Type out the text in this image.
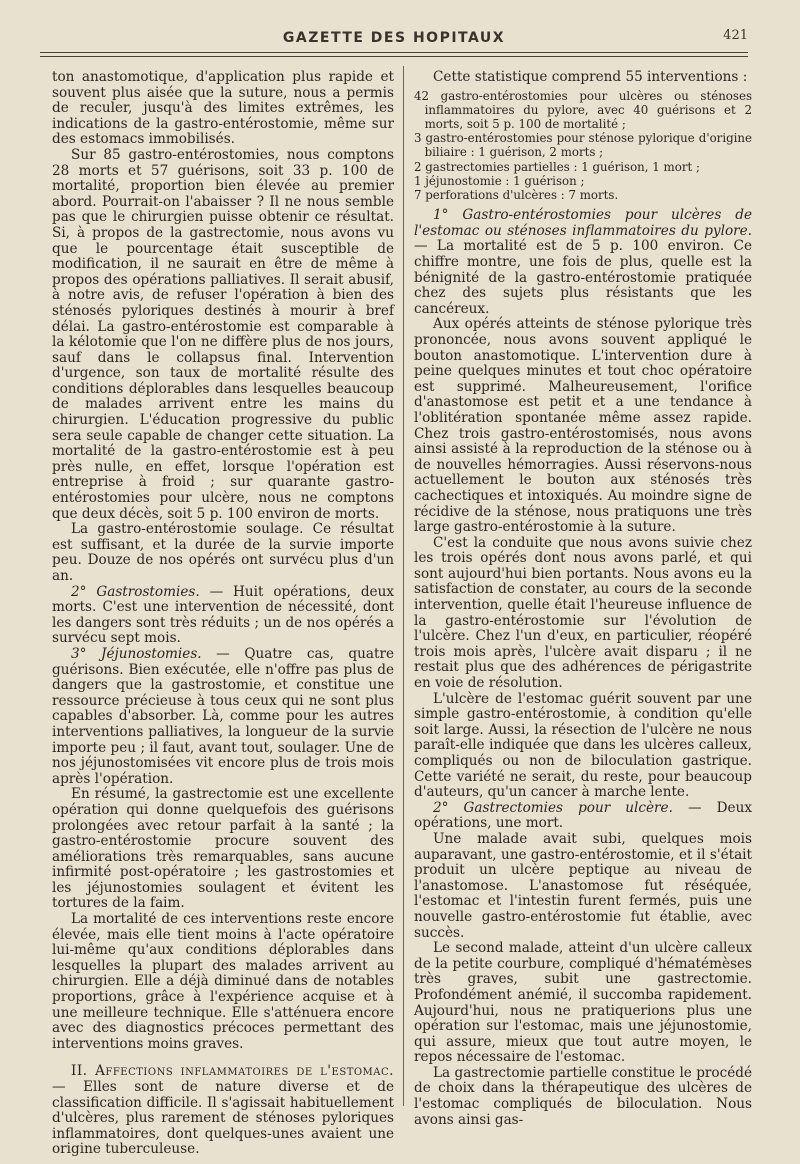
GAZETTE DES HOPITAUX	421

ton anastomotique, d'application plus rapide et souvent plus aisée que la suture, nous a permis de reculer, jusqu'à des limites extrêmes, les indications de la gastro-entérostomie, même sur des estomacs immobilisés.

Sur 85 gastro-entérostomies, nous comptons 28 morts et 57 guérisons, soit 33 p. 100 de mortalité, proportion bien élevée au premier abord. Pourrait-on l'abaisser ? Il ne nous semble pas que le chirurgien puisse obtenir ce résultat. Si, à propos de la gastrectomie, nous avons vu que le pourcentage était susceptible de modification, il ne saurait en être de même à propos des opérations palliatives. Il serait abusif, à notre avis, de refuser l'opération à bien des sténosés pyloriques destinés à mourir à bref délai. La gastro-entérostomie est comparable à la kélotomie que l'on ne diffère plus de nos jours, sauf dans le collapsus final. Intervention d'urgence, son taux de mortalité résulte des conditions déplorables dans lesquelles beaucoup de malades arrivent entre les mains du chirurgien. L'éducation progressive du public sera seule capable de changer cette situation. La mortalité de la gastro-entérostomie est à peu près nulle, en effet, lorsque l'opération est entreprise à froid ; sur quarante gastro-entérostomies pour ulcère, nous ne comptons que deux décès, soit 5 p. 100 environ de morts.

La gastro-entérostomie soulage. Ce résultat est suffisant, et la durée de la survie importe peu. Douze de nos opérés ont survécu plus d'un an.

2° Gastrostomies. — Huit opérations, deux morts. C'est une intervention de nécessité, dont les dangers sont très réduits ; un de nos opérés a survécu sept mois.

3° Jéjunostomies. — Quatre cas, quatre guérisons. Bien exécutée, elle n'offre pas plus de dangers que la gastrostomie, et constitue une ressource précieuse à tous ceux qui ne sont plus capables d'absorber. Là, comme pour les autres interventions palliatives, la longueur de la survie importe peu ; il faut, avant tout, soulager. Une de nos jéjunostomisées vit encore plus de trois mois après l'opération.

En résumé, la gastrectomie est une excellente opération qui donne quelquefois des guérisons prolongées avec retour parfait à la santé ; la gastro-entérostomie procure souvent des améliorations très remarquables, sans aucune infirmité post-opératoire ; les gastrostomies et les jéjunostomies soulagent et évitent les tortures de la faim.

La mortalité de ces interventions reste encore élevée, mais elle tient moins à l'acte opératoire lui-même qu'aux conditions déplorables dans lesquelles la plupart des malades arrivent au chirurgien. Elle a déjà diminué dans de notables proportions, grâce à l'expérience acquise et à une meilleure technique. Elle s'atténuera encore avec des diagnostics précoces permettant des interventions moins graves.

II. Affections inflammatoires de l'estomac. — Elles sont de nature diverse et de classification difficile. Il s'agissait habituellement d'ulcères, plus rarement de sténoses pyloriques inflammatoires, dont quelques-unes avaient une origine tuberculeuse.

Cette statistique comprend 55 interventions :

42 gastro-entérostomies pour ulcères ou sténoses inflammatoires du pylore, avec 40 guérisons et 2 morts, soit 5 p. 100 de mortalité ;
3 gastro-entérostomies pour sténose pylorique d'origine biliaire : 1 guérison, 2 morts ;
2 gastrectomies partielles : 1 guérison, 1 mort ;
1 jéjunostomie : 1 guérison ;
7 perforations d'ulcères : 7 morts.

1° Gastro-entérostomies pour ulcères de l'estomac ou sténoses inflammatoires du pylore. — La mortalité est de 5 p. 100 environ. Ce chiffre montre, une fois de plus, quelle est la bénignité de la gastro-entérostomie pratiquée chez des sujets plus résistants que les cancéreux.

Aux opérés atteints de sténose pylorique très prononcée, nous avons souvent appliqué le bouton anastomotique. L'intervention dure à peine quelques minutes et tout choc opératoire est supprimé. Malheureusement, l'orifice d'anastomose est petit et a une tendance à l'oblitération spontanée même assez rapide. Chez trois gastro-entérostomisés, nous avons ainsi assisté à la reproduction de la sténose ou à de nouvelles hémorragies. Aussi réservons-nous actuellement le bouton aux sténosés très cachectiques et intoxiqués. Au moindre signe de récidive de la sténose, nous pratiquons une très large gastro-entérostomie à la suture.

C'est la conduite que nous avons suivie chez les trois opérés dont nous avons parlé, et qui sont aujourd'hui bien portants. Nous avons eu la satisfaction de constater, au cours de la seconde intervention, quelle était l'heureuse influence de la gastro-entérostomie sur l'évolution de l'ulcère. Chez l'un d'eux, en particulier, réopéré trois mois après, l'ulcère avait disparu ; il ne restait plus que des adhérences de périgastrite en voie de résolution.

L'ulcère de l'estomac guérit souvent par une simple gastro-entérostomie, à condition qu'elle soit large. Aussi, la résection de l'ulcère ne nous paraît-elle indiquée que dans les ulcères calleux, compliqués ou non de biloculation gastrique. Cette variété ne serait, du reste, pour beaucoup d'auteurs, qu'un cancer à marche lente.

2° Gastrectomies pour ulcère. — Deux opérations, une mort.

Une malade avait subi, quelques mois auparavant, une gastro-entérostomie, et il s'était produit un ulcère peptique au niveau de l'anastomose. L'anastomose fut réséquée, l'estomac et l'intestin furent fermés, puis une nouvelle gastro-entérostomie fut établie, avec succès.

Le second malade, atteint d'un ulcère calleux de la petite courbure, compliqué d'hématémèses très graves, subit une gastrectomie. Profondément anémié, il succomba rapidement. Aujourd'hui, nous ne pratiquerions plus une opération sur l'estomac, mais une jéjunostomie, qui assure, mieux que tout autre moyen, le repos nécessaire de l'estomac.

La gastrectomie partielle constitue le procédé de choix dans la thérapeutique des ulcères de l'estomac compliqués de biloculation. Nous avons ainsi gas-
